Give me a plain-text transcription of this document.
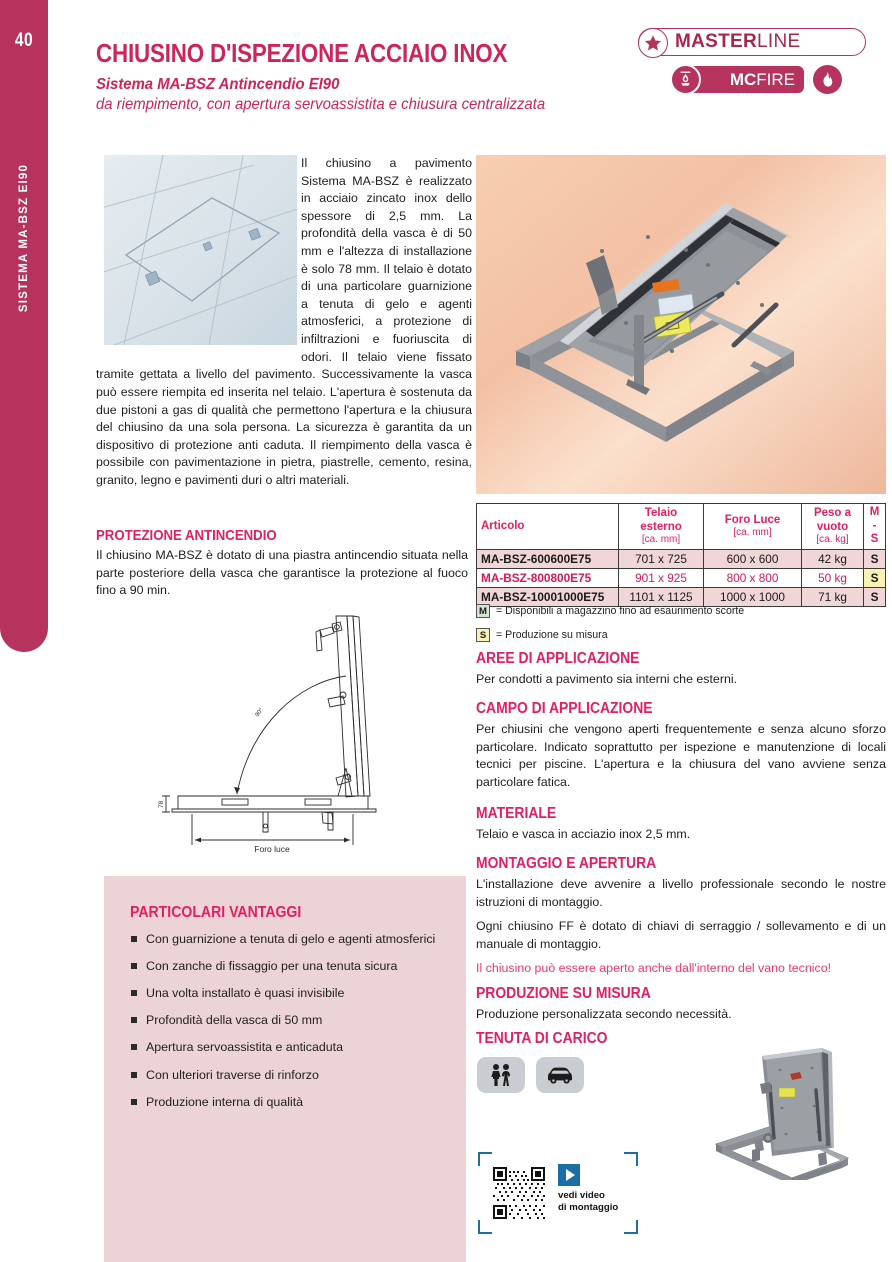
40
SISTEMA MA-BSZ EI90
CHIUSINO D'ISPEZIONE ACCIAIO INOX
Sistema MA-BSZ Antincendio EI90
da riempimento, con apertura servoassistita e chiusura centralizzata
MASTERLINE
MCFIRE
Il chiusino a pavimento Sistema MA-BSZ è realizzato in acciaio zincato inox dello spessore di 2,5 mm. La profondità della vasca è di 50 mm e l'altezza di installazione è solo 78 mm. Il telaio è dotato di una particolare guarnizione a tenuta di gelo e agenti atmosferici, a protezione di infiltrazioni e fuoriuscita di odori. Il telaio viene fissato tramite gettata a livello del pavimento. Successivamente la vasca può essere riempita ed inserita nel telaio. L'apertura è sostenuta da due pistoni a gas di qualità che permettono l'apertura e la chiusura del chiusino da una sola persona. La sicurezza è garantita da un dispositivo di protezione anti caduta. Il riempimento della vasca è possibile con pavimentazione in pietra, piastrelle, cemento, resina, granito, legno e pavimenti duri o altri materiali.
PROTEZIONE ANTINCENDIO

Il chiusino MA-BSZ è dotato di una piastra antincendio situata nella parte posteriore della vasca che garantisce la protezione al fuoco fino a 90 min.

78
Foro luce
90°
PARTICOLARI VANTAGGI
Con guarnizione a tenuta di gelo e agenti atmosferici
Con zanche di fissaggio per una tenuta sicura
Una volta installato è quasi invisibile
Profondità della vasca di 50 mm
Apertura servoassistita e anticaduta
Con ulteriori traverse di rinforzo
Produzione interna di qualità
Articolo	
Telaio
esterno
[ca. mm]

Foro Luce
[ca. mm]

Peso a
vuoto
[ca. kg]

M
-
S

MA-BSZ-600600E75	701 x 725	600 x 600	42 kg	S
MA-BSZ-800800E75	901 x 925	800 x 800	50 kg	S
MA-BSZ-10001000E75	1101 x 1125	1000 x 1000	71 kg	S
M = Disponibili a magazzino fino ad esaurimento scorte
S = Produzione su misura
AREE DI APPLICAZIONE

Per condotti a pavimento sia interni che esterni.

CAMPO DI APPLICAZIONE

Per chiusini che vengono aperti frequentemente e senza alcuno sforzo particolare. Indicato soprattutto per ispezione e manutenzione di locali tecnici per piscine. L'apertura e la chiusura del vano avviene senza particolare fatica.

MATERIALE

Telaio e vasca in acciazio inox 2,5 mm.

MONTAGGIO E APERTURA

L'installazione deve avvenire a livello professionale secondo le nostre istruzioni di montaggio.

Ogni chiusino FF è dotato di chiavi di serraggio / sollevamento e di un manuale di montaggio.

Il chiusino può essere aperto anche dall'interno del vano tecnico!

PRODUZIONE SU MISURA

Produzione personalizzata secondo necessità.

TENUTA DI CARICO
vedi video
di montaggio
